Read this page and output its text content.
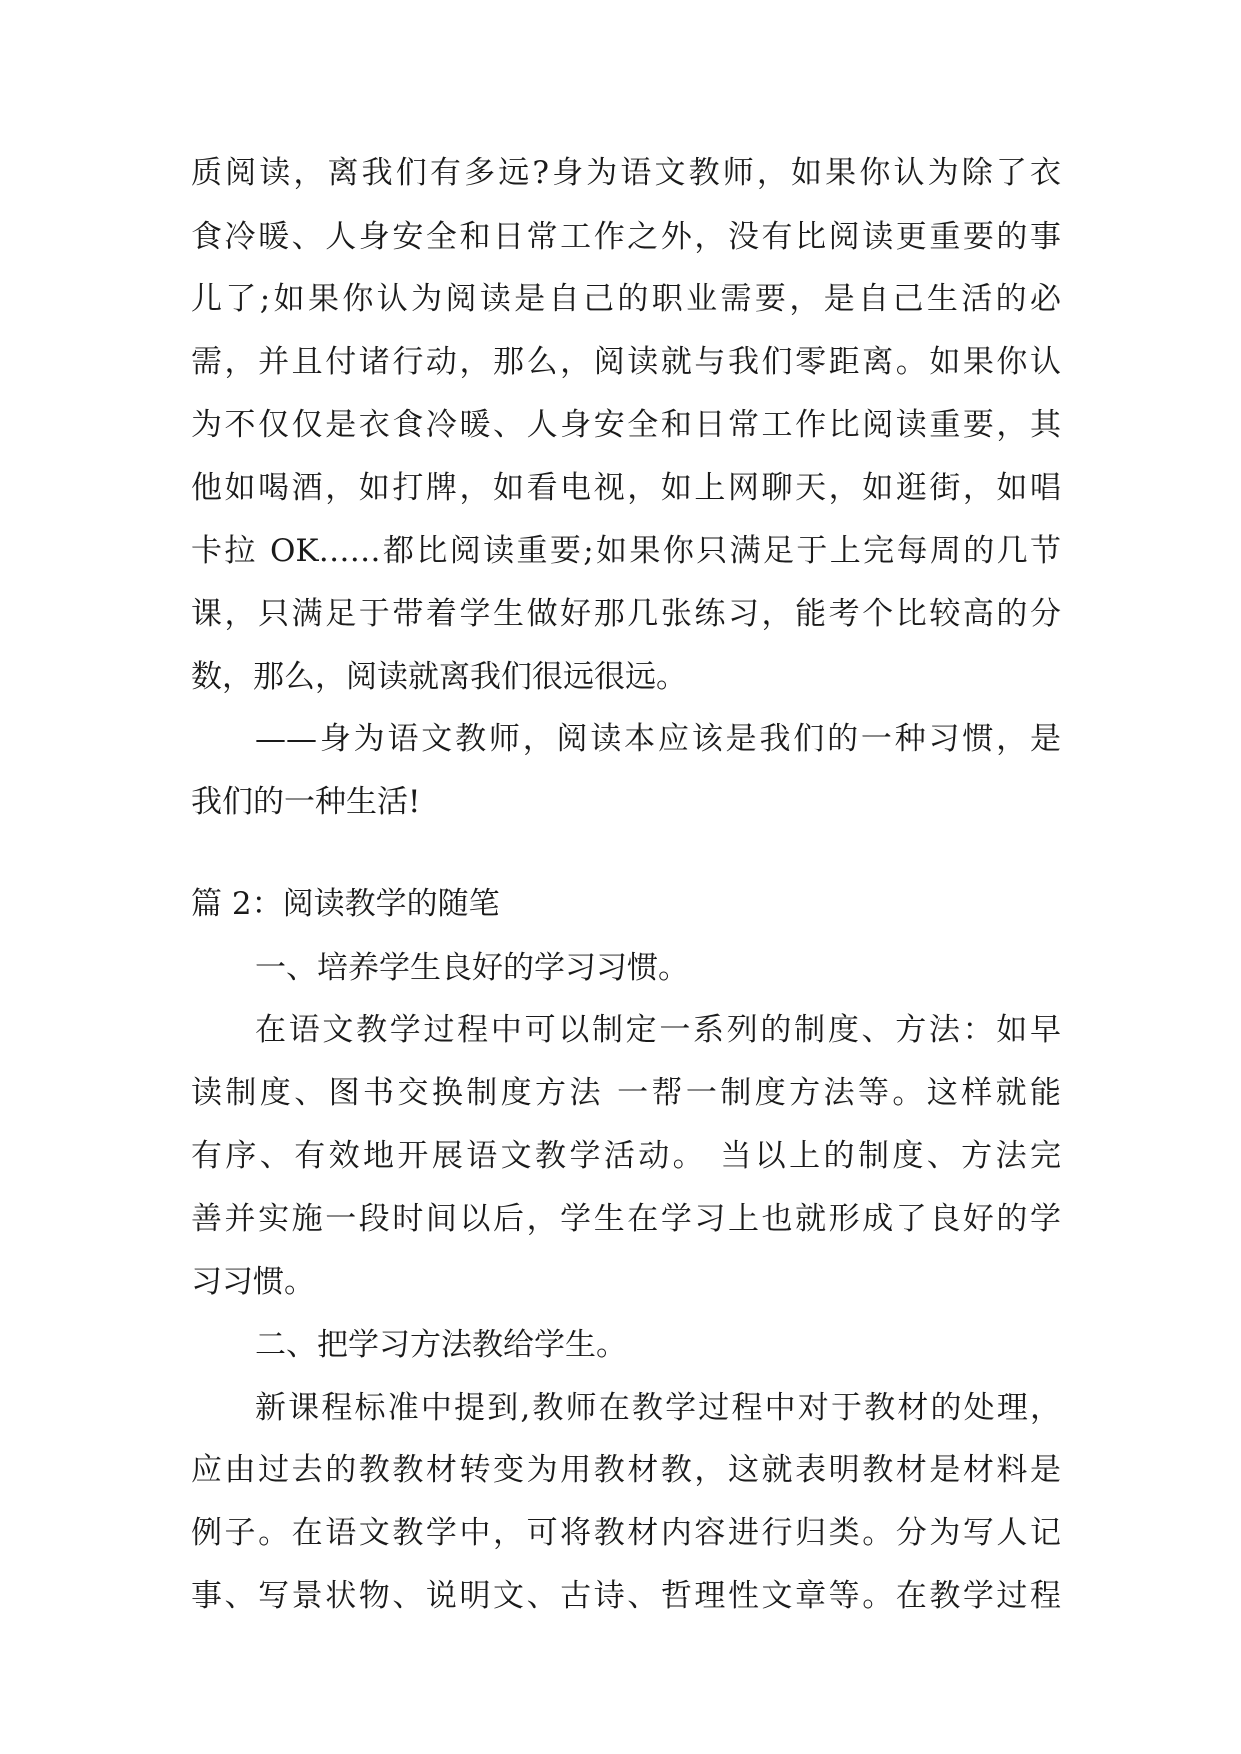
质阅读，离我们有多远?身为语文教师，如果你认为除了衣

食冷暖、人身安全和日常工作之外，没有比阅读更重要的事

儿了;如果你认为阅读是自己的职业需要，是自己生活的必

需，并且付诸行动，那么，阅读就与我们零距离。如果你认

为不仅仅是衣食冷暖、人身安全和日常工作比阅读重要，其

他如喝酒，如打牌，如看电视，如上网聊天，如逛街，如唱

卡拉 OK……都比阅读重要;如果你只满足于上完每周的几节

课，只满足于带着学生做好那几张练习，能考个比较高的分

数，那么，阅读就离我们很远很远。

——身为语文教师，阅读本应该是我们的一种习惯，是

我们的一种生活!

篇 2：阅读教学的随笔

一、培养学生良好的学习习惯。

在语文教学过程中可以制定一系列的制度、方法：如早

读制度、图书交换制度方法 一帮一制度方法等。这样就能

有序、有效地开展语文教学活动。 当以上的制度、方法完

善并实施一段时间以后，学生在学习上也就形成了良好的学

习习惯。

二、把学习方法教给学生。

新课程标准中提到,教师在教学过程中对于教材的处理，

应由过去的教教材转变为用教材教，这就表明教材是材料是

例子。在语文教学中，可将教材内容进行归类。分为写人记

事、写景状物、说明文、古诗、哲理性文章等。在教学过程
